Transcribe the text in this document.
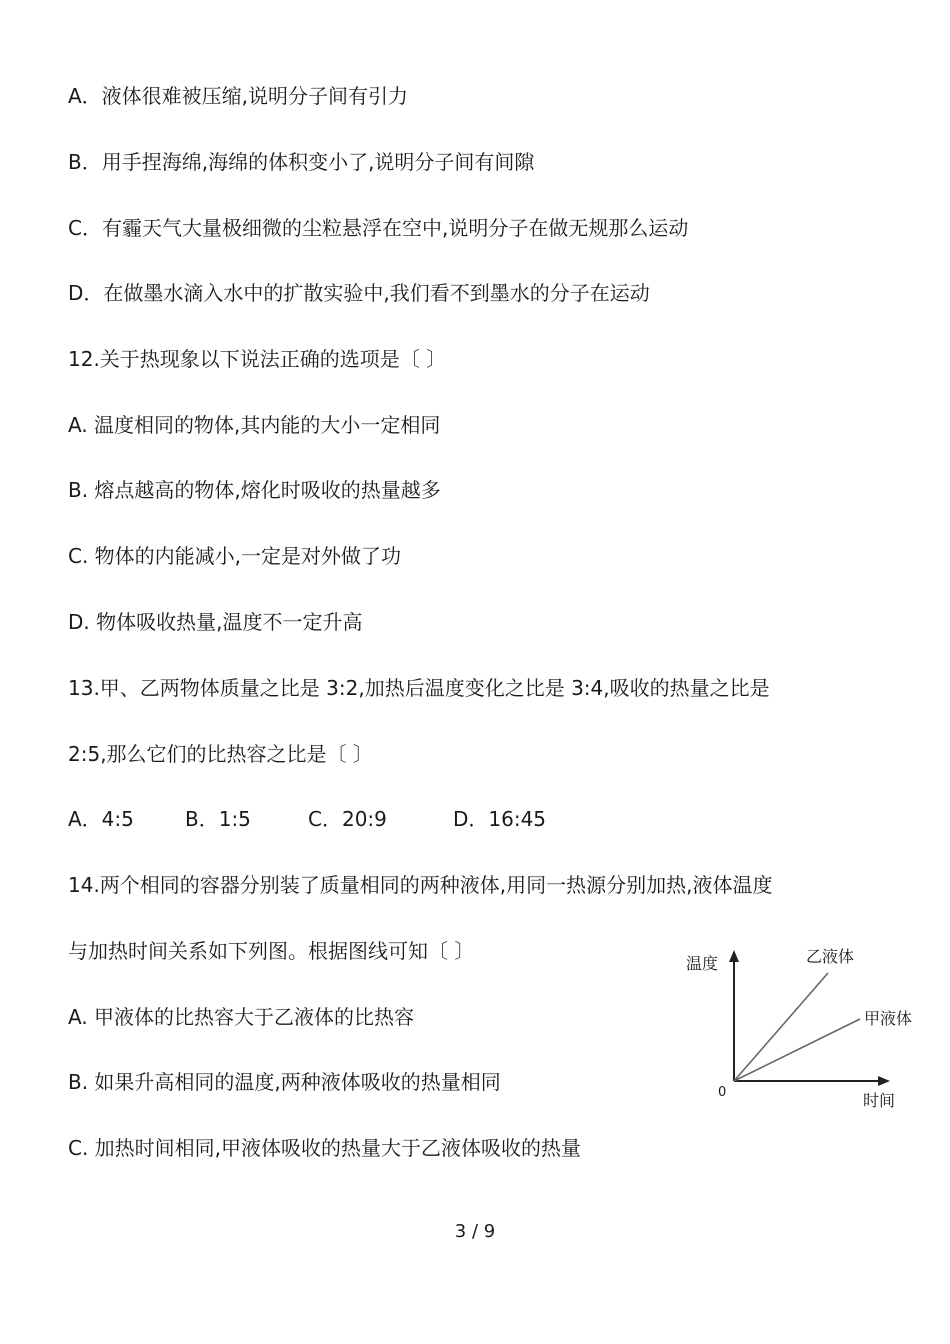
A．液体很难被压缩,说明分子间有引力
B．用手捏海绵,海绵的体积变小了,说明分子间有间隙
C．有霾天气大量极细微的尘粒悬浮在空中,说明分子在做无规那么运动
D．在做墨水滴入水中的扩散实验中,我们看不到墨水的分子在运动
12.关于热现象以下说法正确的选项是〔 〕
A. 温度相同的物体,其内能的大小一定相同
B. 熔点越高的物体,熔化时吸收的热量越多
C. 物体的内能减小,一定是对外做了功
D. 物体吸收热量,温度不一定升高
13.甲、乙两物体质量之比是 3:2,加热后温度变化之比是 3:4,吸收的热量之比是
2:5,那么它们的比热容之比是〔 〕
A．4:5	B．1:5	C．20:9	D．16:45
14.两个相同的容器分别装了质量相同的两种液体,用同一热源分别加热,液体温度
与加热时间关系如下列图。根据图线可知〔 〕
A. 甲液体的比热容大于乙液体的比热容
B. 如果升高相同的温度,两种液体吸收的热量相同
C. 加热时间相同,甲液体吸收的热量大于乙液体吸收的热量
温度
时间
0
乙液体
甲液体
3 / 9
